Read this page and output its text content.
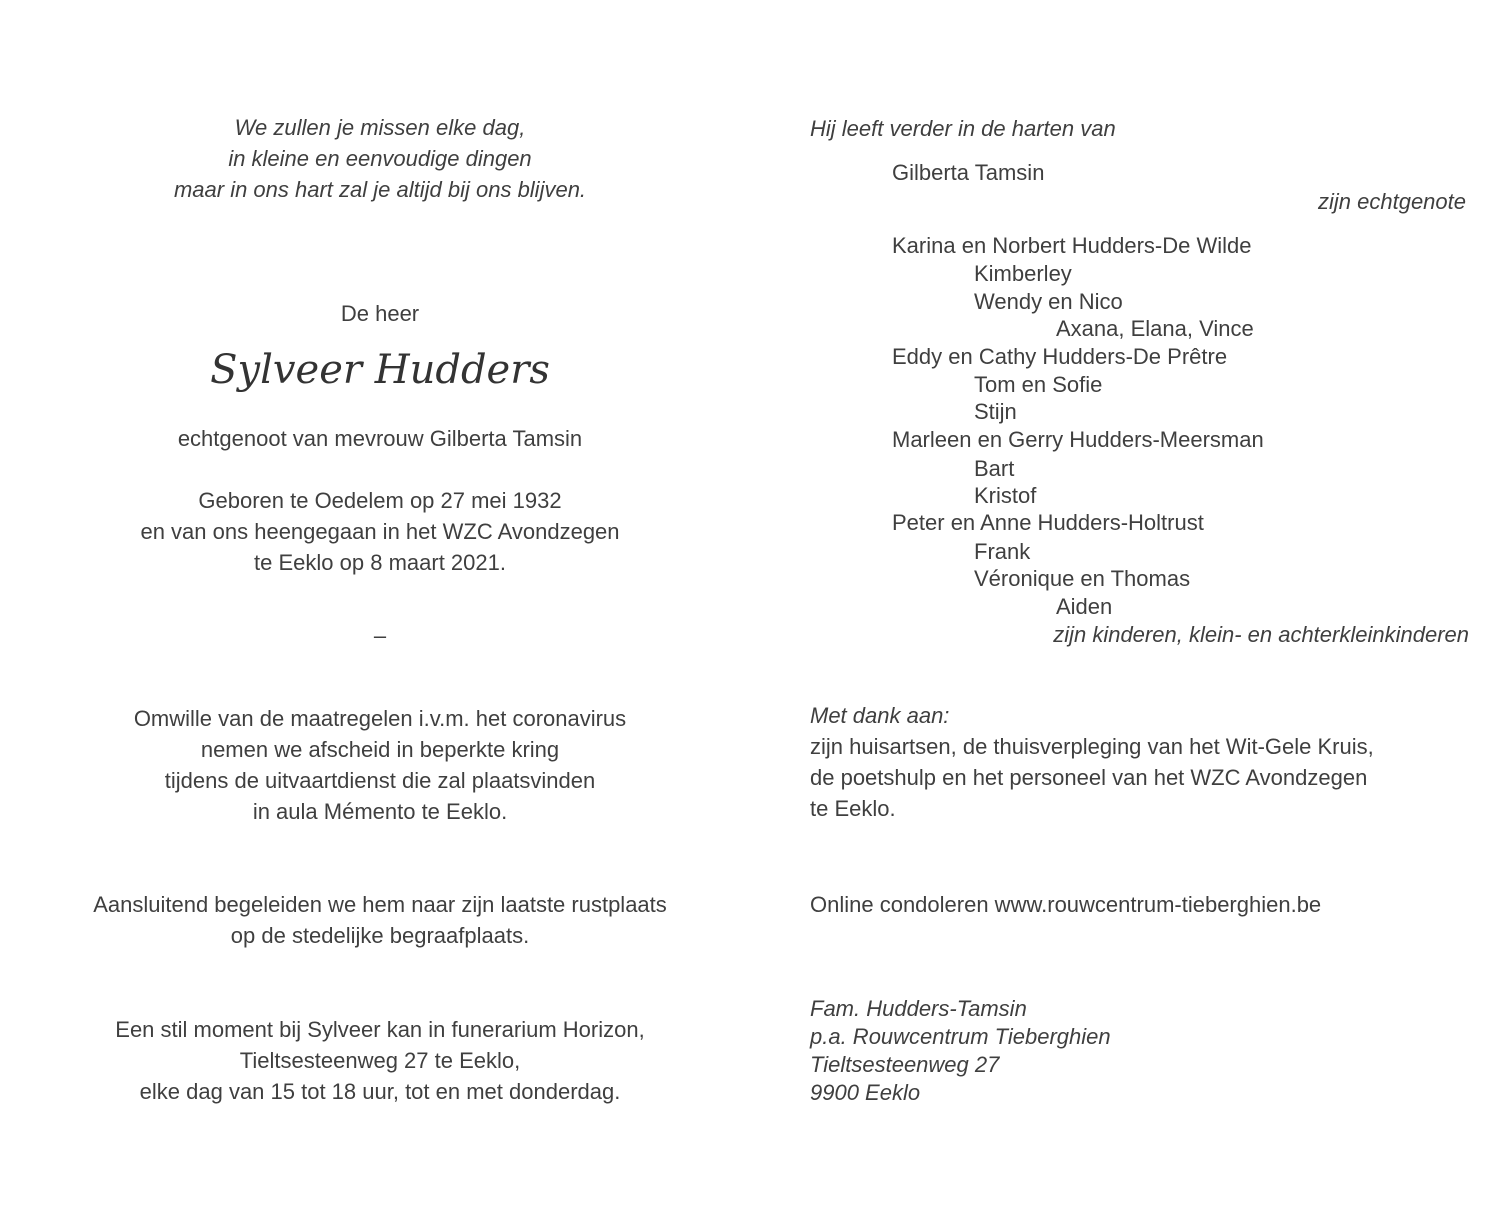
We zullen je missen elke dag,
in kleine en eenvoudige dingen
maar in ons hart zal je altijd bij ons blijven.
De heer
Sylveer Hudders
echtgenoot van mevrouw Gilberta Tamsin
Geboren te Oedelem op 27 mei 1932
en van ons heengegaan in het WZC Avondzegen
te Eeklo op 8 maart 2021.
–
Omwille van de maatregelen i.v.m. het coronavirus
nemen we afscheid in beperkte kring
tijdens de uitvaartdienst die zal plaatsvinden
in aula Mémento te Eeklo.
Aansluitend begeleiden we hem naar zijn laatste rustplaats
op de stedelijke begraafplaats.
Een stil moment bij Sylveer kan in funerarium Horizon,
Tieltsesteenweg 27 te Eeklo,
elke dag van 15 tot 18 uur, tot en met donderdag.
Hij leeft verder in de harten van
Gilberta Tamsin
zijn echtgenote
Karina en Norbert Hudders-De Wilde
Kimberley
Wendy en Nico
Axana, Elana, Vince
Eddy en Cathy Hudders-De Prêtre
Tom en Sofie
Stijn
Marleen en Gerry Hudders-Meersman
Bart
Kristof
Peter en Anne Hudders-Holtrust
Frank
Véronique en Thomas
Aiden
zijn kinderen, klein- en achterkleinkinderen
Met dank aan:
zijn huisartsen, de thuisverpleging van het Wit-Gele Kruis,
de poetshulp en het personeel van het WZC Avondzegen
te Eeklo.
Online condoleren www.rouwcentrum-tieberghien.be
Fam. Hudders-Tamsin
p.a. Rouwcentrum Tieberghien
Tieltsesteenweg 27
9900 Eeklo
